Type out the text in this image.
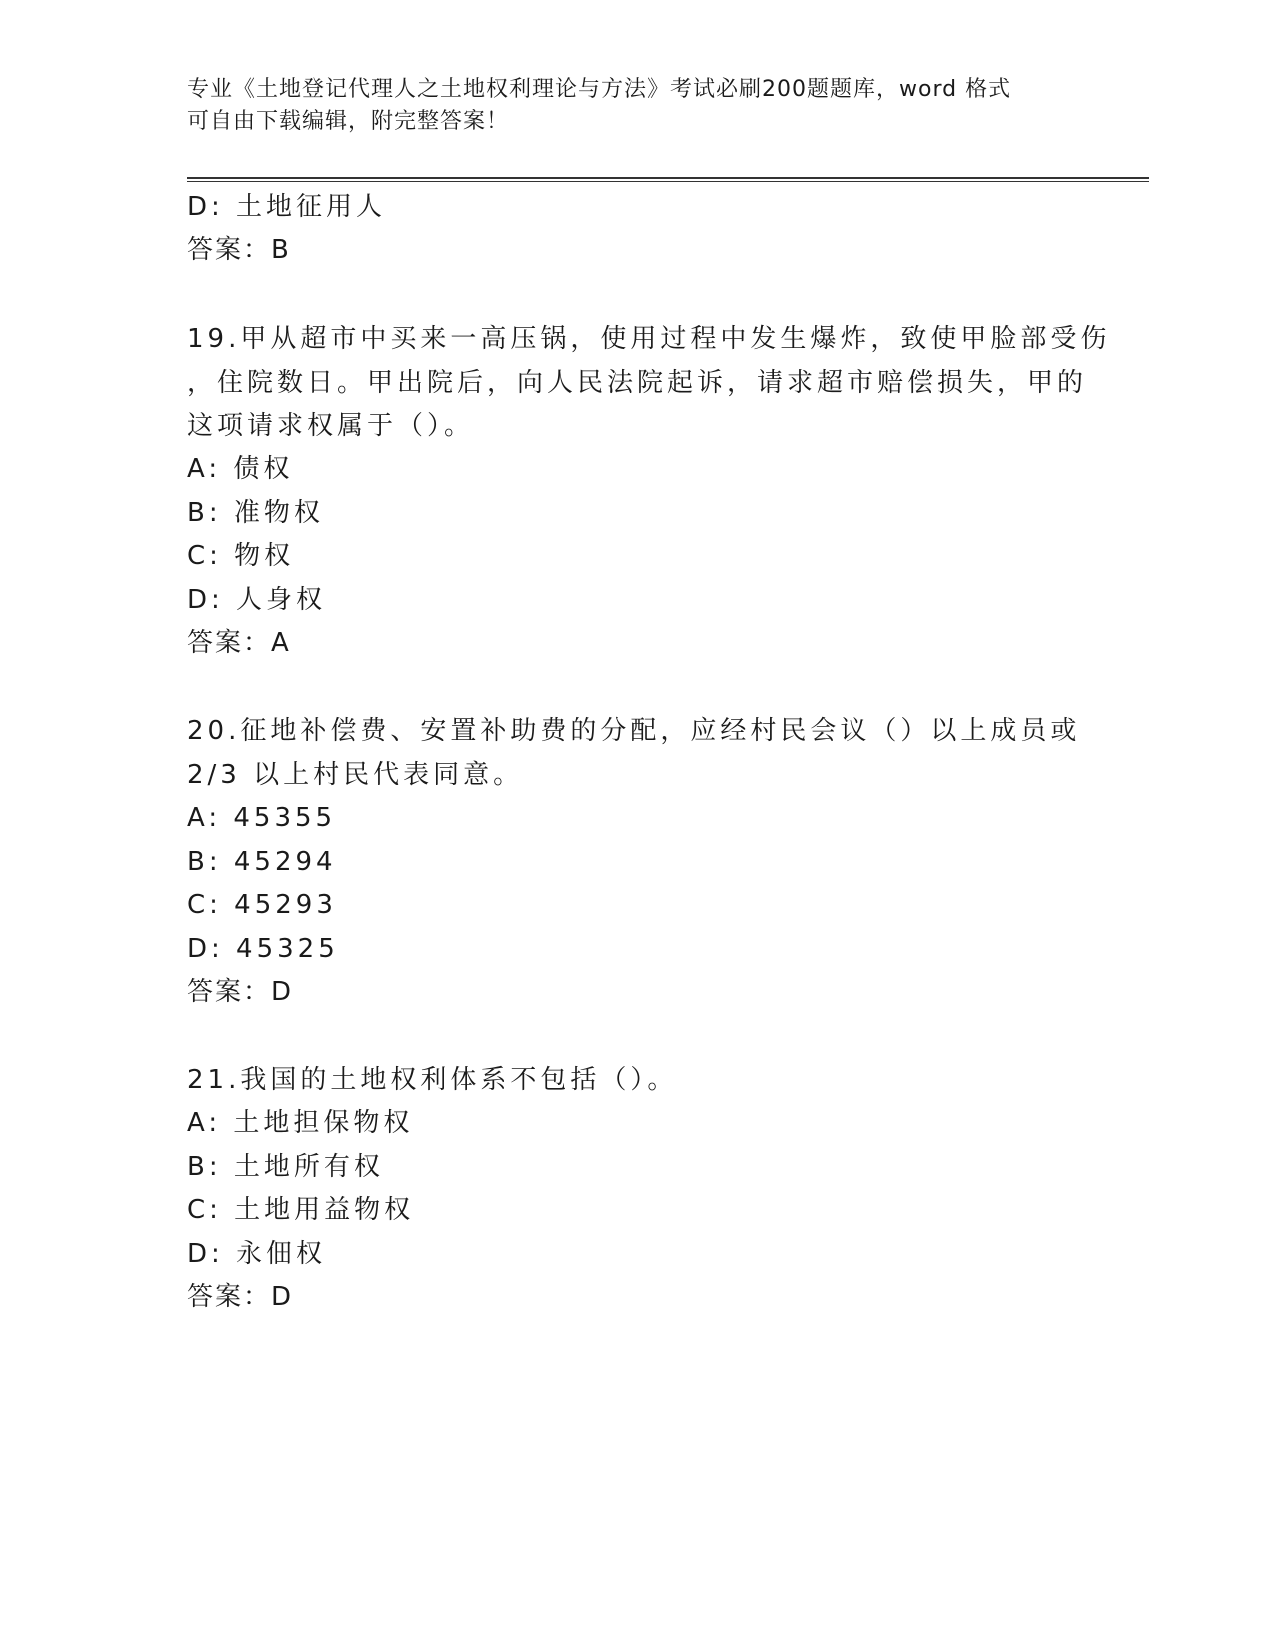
专业《土地登记代理人之土地权利理论与方法》考试必刷200题题库，word 格式
可自由下载编辑，附完整答案！
D: 土地征用人
答案：B
19.甲从超市中买来一高压锅，使用过程中发生爆炸，致使甲脸部受伤
，住院数日。甲出院后，向人民法院起诉，请求超市赔偿损失，甲的
这项请求权属于（）。
A: 债权
B: 准物权
C: 物权
D: 人身权
答案：A
20.征地补偿费、安置补助费的分配，应经村民会议（）以上成员或
2/3 以上村民代表同意。
A: 45355
B: 45294
C: 45293
D: 45325
答案：D
21.我国的土地权利体系不包括（）。
A: 土地担保物权
B: 土地所有权
C: 土地用益物权
D: 永佃权
答案：D
